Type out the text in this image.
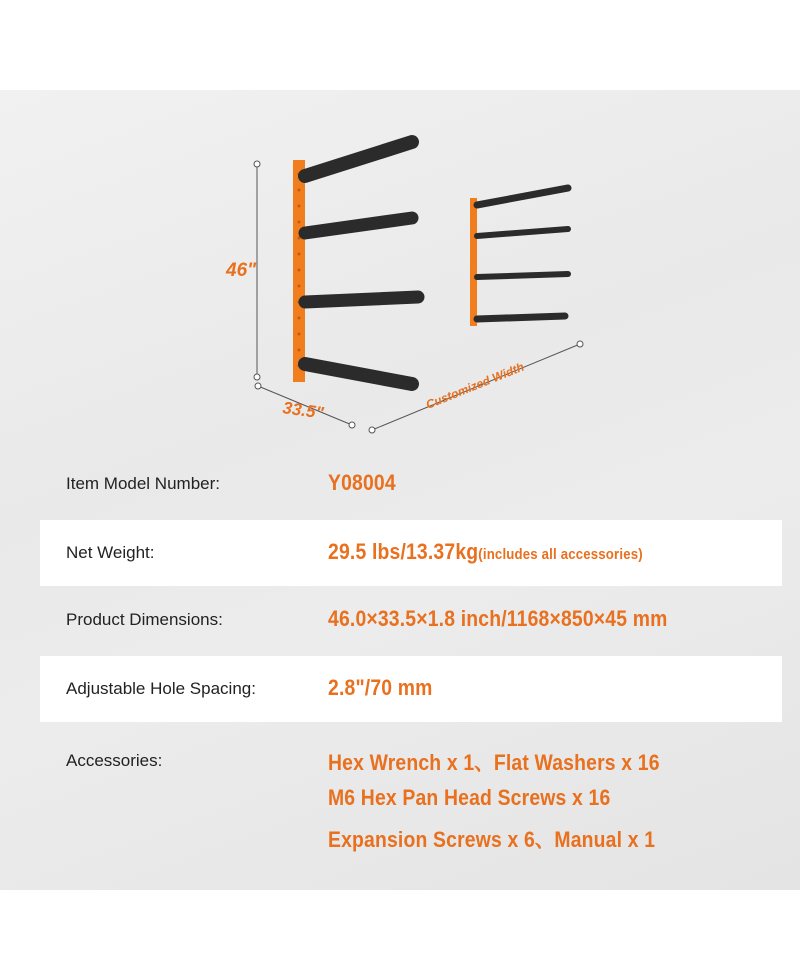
46"
33.5"	Customized Width
Item Model Number:	Y08004
Net Weight:	29.5 lbs/13.37kg(includes all accessories)
Product Dimensions:	46.0×33.5×1.8 inch/1168×850×45 mm
Adjustable Hole Spacing:	2.8"/70 mm
Accessories:	Hex Wrench x 1、Flat Washers x 16
M6 Hex Pan Head Screws x 16
Expansion Screws x 6、Manual x 1
